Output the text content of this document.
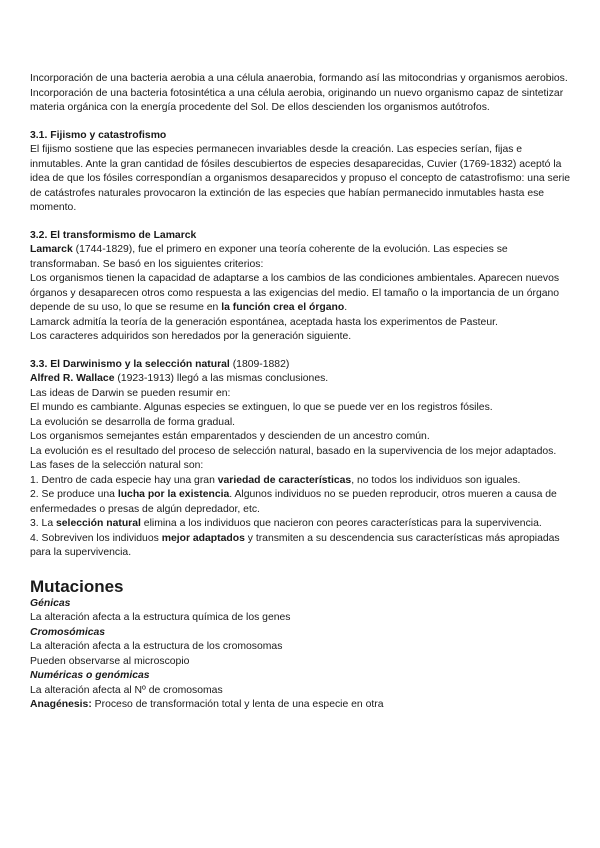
Incorporación de una bacteria aerobia a una célula anaerobia, formando así las mitocondrias y organismos aerobios.

Incorporación de una bacteria fotosintética a una célula aerobia, originando un nuevo organismo capaz de sintetizar materia orgánica con la energía procedente del Sol. De ellos descienden los organismos autótrofos.

3.1. Fijismo y catastrofismo

El fijismo sostiene que las especies permanecen invariables desde la creación. Las especies serían, fijas e inmutables. Ante la gran cantidad de fósiles descubiertos de especies desaparecidas, Cuvier (1769-1832) aceptó la idea de que los fósiles correspondían a organismos desaparecidos y propuso el concepto de catastrofismo: una serie de catástrofes naturales provocaron la extinción de las especies que habían permanecido inmutables hasta ese momento.

3.2. El transformismo de Lamarck

Lamarck (1744-1829), fue el primero en exponer una teoría coherente de la evolución. Las especies se transformaban. Se basó en los siguientes criterios:

Los organismos tienen la capacidad de adaptarse a los cambios de las condiciones ambientales. Aparecen nuevos órganos y desaparecen otros como respuesta a las exigencias del medio. El tamaño o la importancia de un órgano depende de su uso, lo que se resume en la función crea el órgano.

Lamarck admitía la teoría de la generación espontánea, aceptada hasta los experimentos de Pasteur.

Los caracteres adquiridos son heredados por la generación siguiente.

3.3. El Darwinismo y la selección natural (1809-1882)

Alfred R. Wallace (1923-1913) llegó a las mismas conclusiones.

Las ideas de Darwin se pueden resumir en:

El mundo es cambiante. Algunas especies se extinguen, lo que se puede ver en los registros fósiles.

La evolución se desarrolla de forma gradual.

Los organismos semejantes están emparentados y descienden de un ancestro común.

La evolución es el resultado del proceso de selección natural, basado en la supervivencia de los mejor adaptados.

Las fases de la selección natural son:

1. Dentro de cada especie hay una gran variedad de características, no todos los individuos son iguales.

2. Se produce una lucha por la existencia. Algunos individuos no se pueden reproducir, otros mueren a causa de enfermedades o presas de algún depredador, etc.

3. La selección natural elimina a los individuos que nacieron con peores características para la supervivencia.

4. Sobreviven los individuos mejor adaptados y transmiten a su descendencia sus características más apropiadas para la supervivencia.

Mutaciones

Génicas

La alteración afecta a la estructura química de los genes

Cromosómicas

La alteración afecta a la estructura de los cromosomas

Pueden observarse al microscopio

Numéricas o genómicas

La alteración afecta al Nº de cromosomas

Anagénesis: Proceso de transformación total y lenta de una especie en otra
